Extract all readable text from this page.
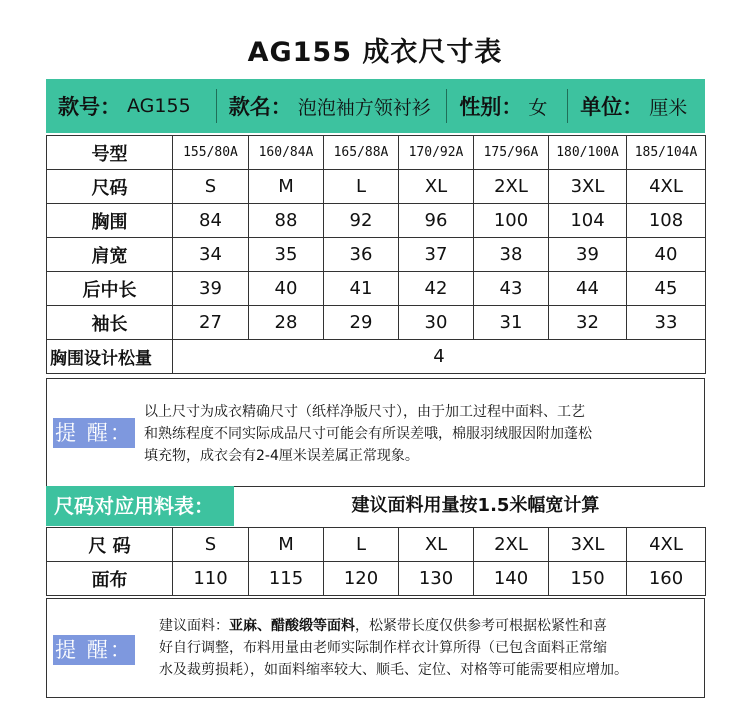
AG155 成衣尺寸表
款号： AG155 款名： 泡泡袖方领衬衫 性别： 女 单位： 厘米
号型	155/80A	160/84A	165/88A	170/92A	175/96A	180/100A	185/104A
尺码	S	M	L	XL	2XL	3XL	4XL
胸围	84	88	92	96	100	104	108
肩宽	34	35	36	37	38	39	40
后中长	39	40	41	42	43	44	45
袖长	27	28	29	30	31	32	33
胸围设计松量	4						
提 醒：
以上尺寸为成衣精确尺寸（纸样净版尺寸），由于加工过程中面料、工艺
和熟练程度不同实际成品尺寸可能会有所误差哦，棉服羽绒服因附加蓬松
填充物，成衣会有2-4厘米误差属正常现象。
尺码对应用料表：	建议面料用量按1.5米幅宽计算
尺 码	S	M	L	XL	2XL	3XL	4XL
面布	110	115	120	130	140	150	160
提 醒：
建议面料：亚麻、醋酸缎等面料，松紧带长度仅供参考可根据松紧性和喜
好自行调整，布料用量由老师实际制作样衣计算所得（已包含面料正常缩
水及裁剪损耗），如面料缩率较大、顺毛、定位、对格等可能需要相应增加。
